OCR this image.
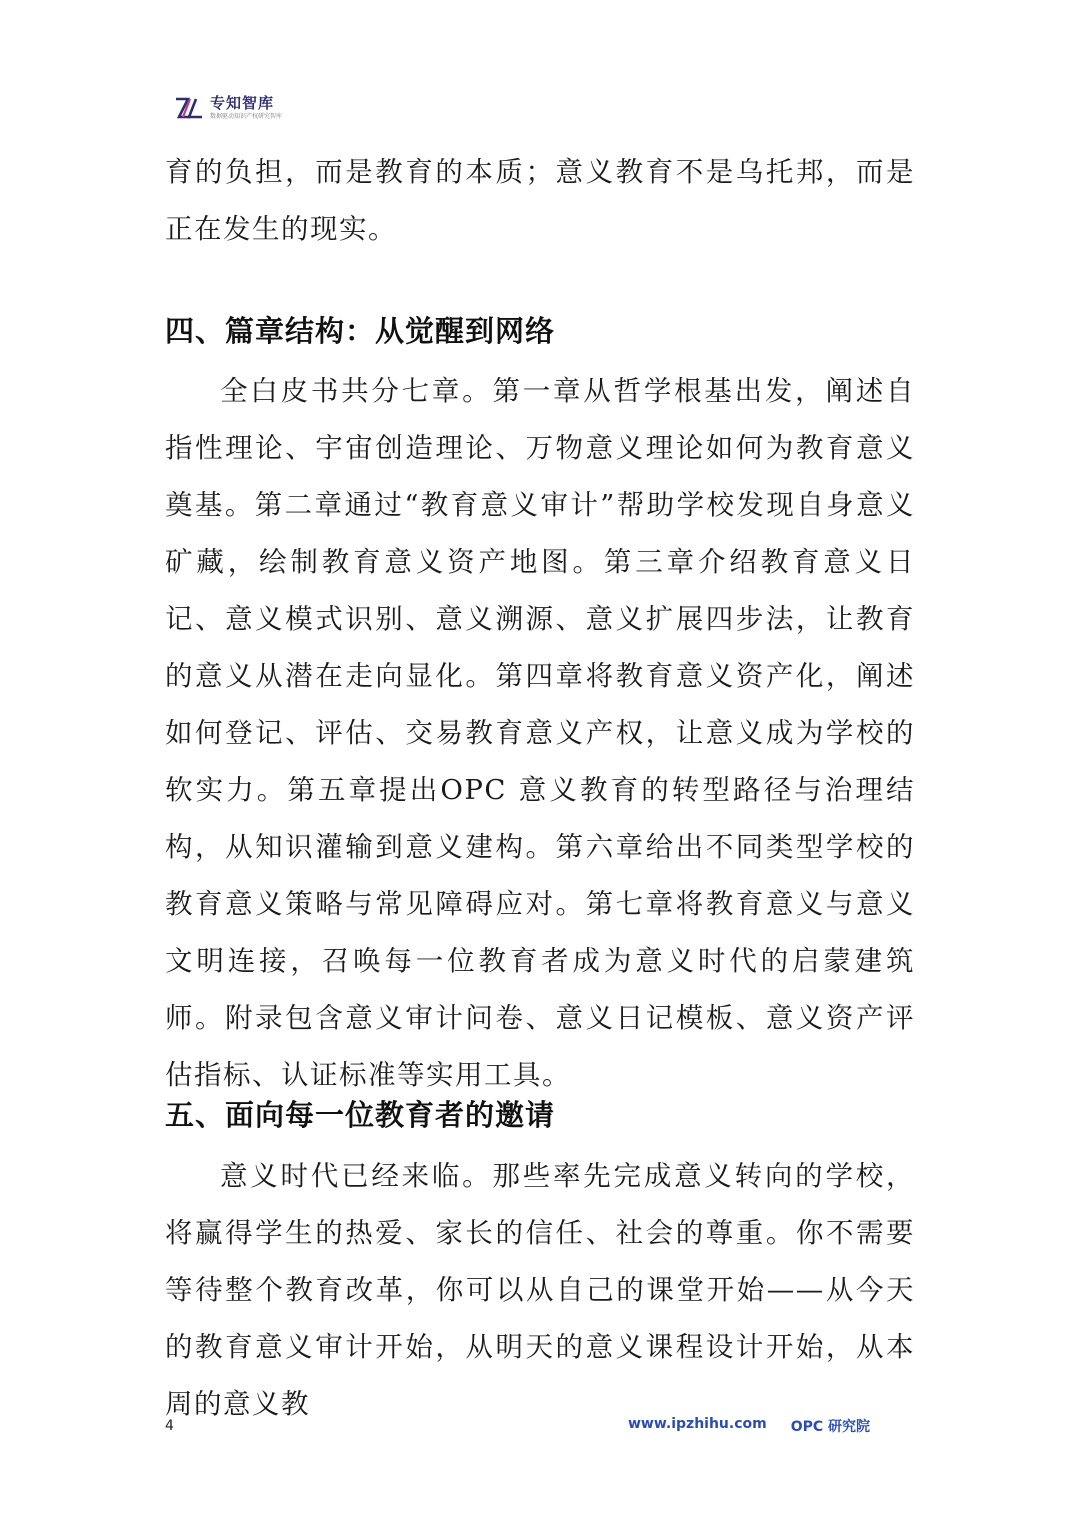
专知智库
数据驱动知识产权研究智库

育的负担，而是教育的本质；意义教育不是乌托邦，而是正在发生的现实。

四、篇章结构：从觉醒到网络

全白皮书共分七章。第一章从哲学根基出发，阐述自指性理论、宇宙创造理论、万物意义理论如何为教育意义奠基。第二章通过“教育意义审计”帮助学校发现自身意义矿藏，绘制教育意义资产地图。第三章介绍教育意义日记、意义模式识别、意义溯源、意义扩展四步法，让教育的意义从潜在走向显化。第四章将教育意义资产化，阐述如何登记、评估、交易教育意义产权，让意义成为学校的软实力。第五章提出OPC 意义教育的转型路径与治理结构，从知识灌输到意义建构。第六章给出不同类型学校的教育意义策略与常见障碍应对。第七章将教育意义与意义文明连接，召唤每一位教育者成为意义时代的启蒙建筑师。附录包含意义审计问卷、意义日记模板、意义资产评估指标、认证标准等实用工具。

五、面向每一位教育者的邀请

意义时代已经来临。那些率先完成意义转向的学校，将赢得学生的热爱、家长的信任、社会的尊重。你不需要等待整个教育改革，你可以从自己的课堂开始——从今天的教育意义审计开始，从明天的意义课程设计开始，从本周的意义教

4	www.ipzhihu.com OPC 研究院
